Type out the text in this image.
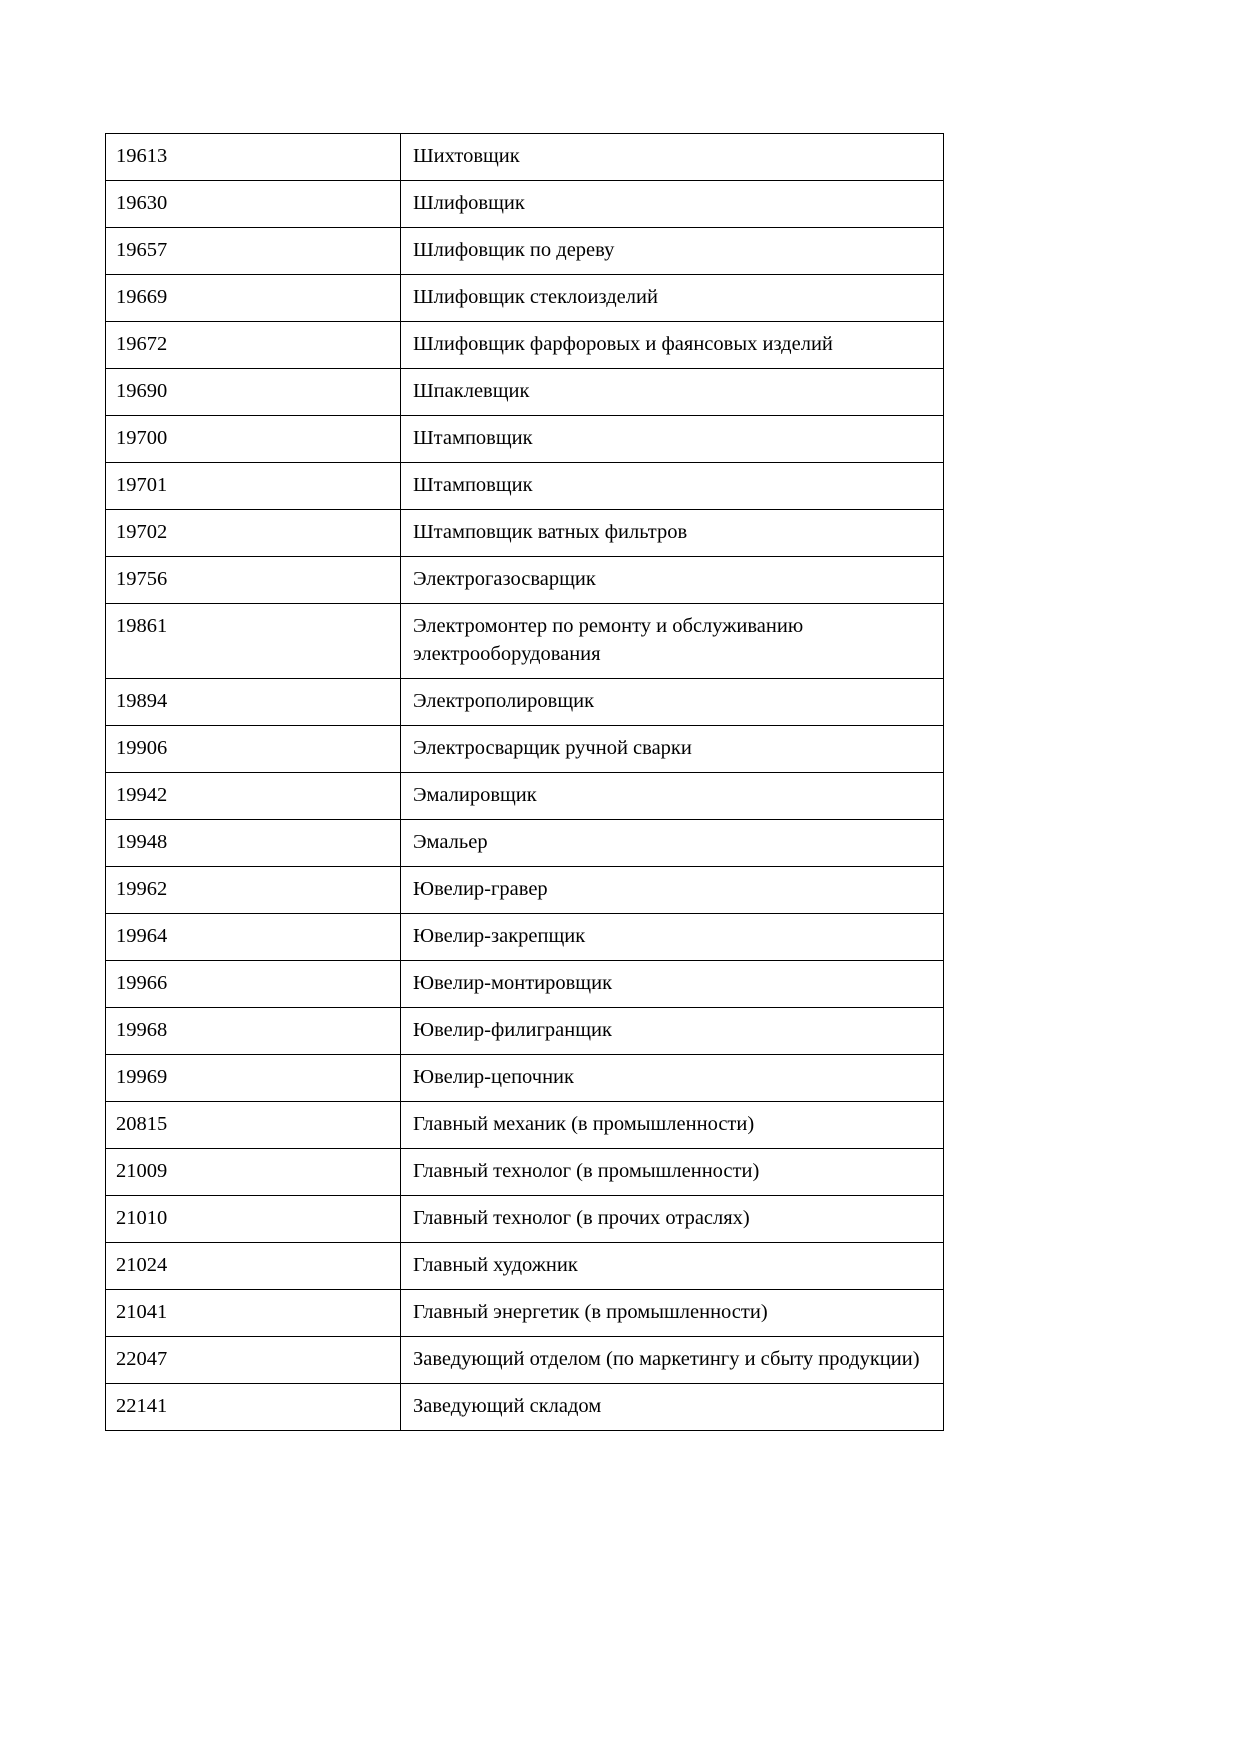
19613	Шихтовщик
19630	Шлифовщик
19657	Шлифовщик по дереву
19669	Шлифовщик стеклоизделий
19672	Шлифовщик фарфоровых и фаянсовых изделий
19690	Шпаклевщик
19700	Штамповщик
19701	Штамповщик
19702	Штамповщик ватных фильтров
19756	Электрогазосварщик
19861	Электромонтер по ремонту и обслуживанию электрооборудования
19894	Электрополировщик
19906	Электросварщик ручной сварки
19942	Эмалировщик
19948	Эмальер
19962	Ювелир-гравер
19964	Ювелир-закрепщик
19966	Ювелир-монтировщик
19968	Ювелир-филигранщик
19969	Ювелир-цепочник
20815	Главный механик (в промышленности)
21009	Главный технолог (в промышленности)
21010	Главный технолог (в прочих отраслях)
21024	Главный художник
21041	Главный энергетик (в промышленности)
22047	Заведующий отделом (по маркетингу и сбыту продукции)
22141	Заведующий складом
